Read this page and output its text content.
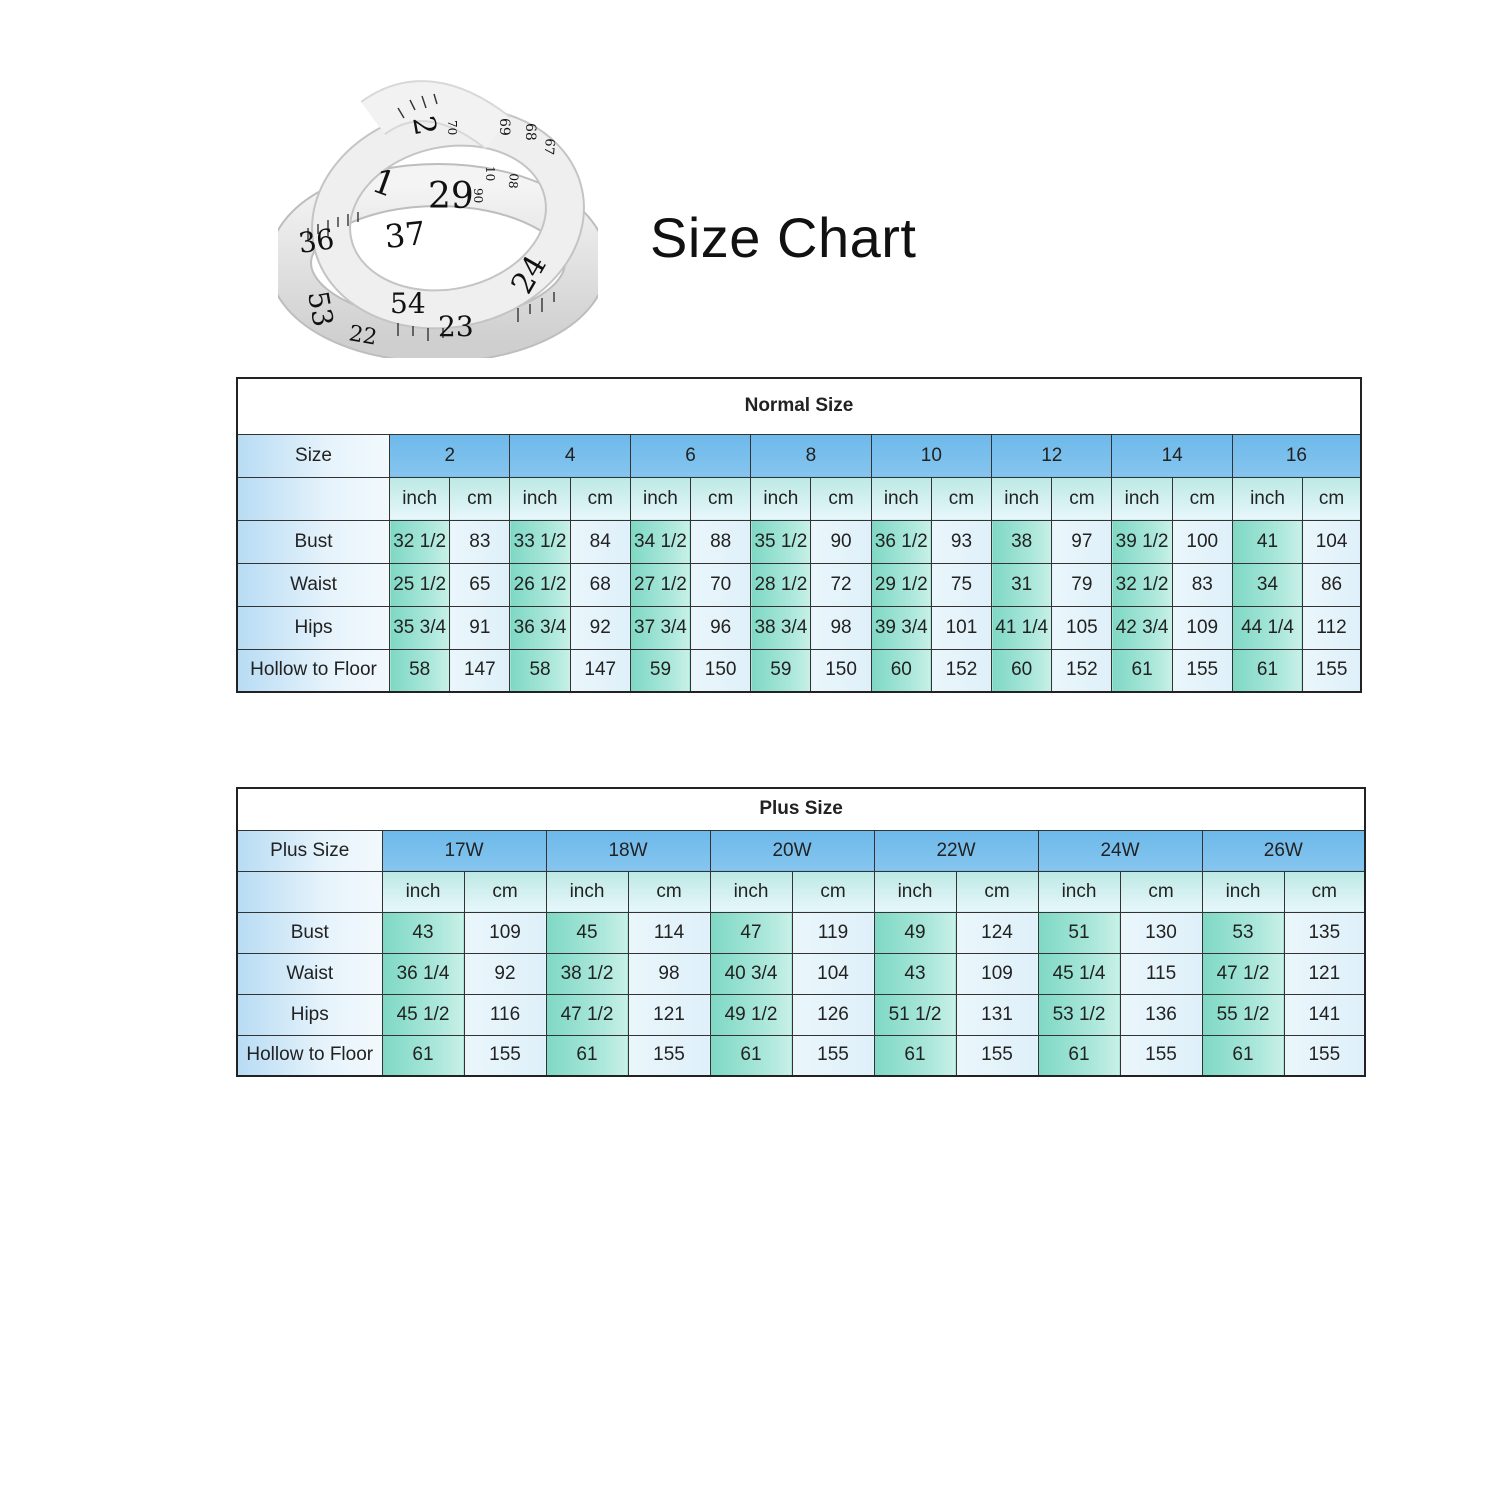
1
2
29
36 37
53 54
22 23
24
69 68
67
70
10 08
90
Size Chart
Normal Size																
Size	2		4		6		8		10		12		14		16	
	inch	cm	inch	cm	inch	cm	inch	cm	inch	cm	inch	cm	inch	cm	inch	cm
Bust	32 1/2	83	33 1/2	84	34 1/2	88	35 1/2	90	36 1/2	93	38	97	39 1/2	100	41	104
Waist	25 1/2	65	26 1/2	68	27 1/2	70	28 1/2	72	29 1/2	75	31	79	32 1/2	83	34	86
Hips	35 3/4	91	36 3/4	92	37 3/4	96	38 3/4	98	39 3/4	101	41 1/4	105	42 3/4	109	44 1/4	112
Hollow to Floor	58	147	58	147	59	150	59	150	60	152	60	152	61	155	61	155
Plus Size												
Plus Size	17W		18W		20W		22W		24W		26W	
	inch	cm	inch	cm	inch	cm	inch	cm	inch	cm	inch	cm
Bust	43	109	45	114	47	119	49	124	51	130	53	135
Waist	36 1/4	92	38 1/2	98	40 3/4	104	43	109	45 1/4	115	47 1/2	121
Hips	45 1/2	116	47 1/2	121	49 1/2	126	51 1/2	131	53 1/2	136	55 1/2	141
Hollow to Floor	61	155	61	155	61	155	61	155	61	155	61	155
